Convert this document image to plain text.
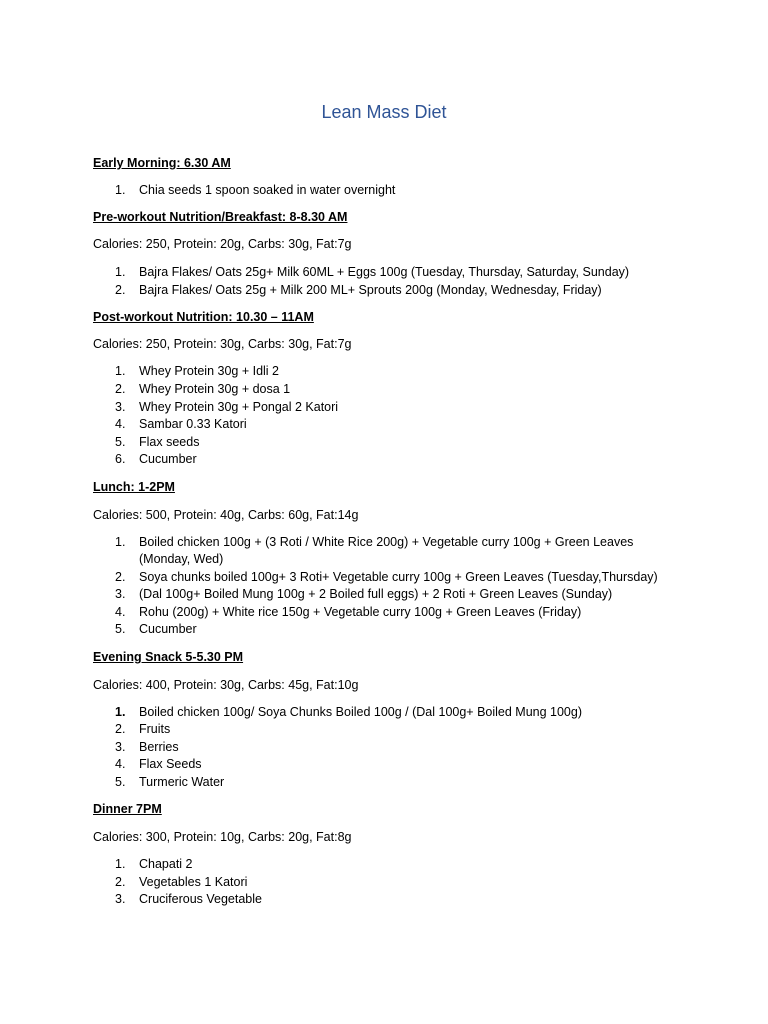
Lean Mass Diet
Early Morning: 6.30 AM
1. Chia seeds 1 spoon soaked in water overnight
Pre-workout Nutrition/Breakfast: 8-8.30 AM
Calories: 250, Protein: 20g, Carbs: 30g, Fat:7g
1. Bajra Flakes/ Oats 25g+ Milk 60ML + Eggs 100g (Tuesday, Thursday, Saturday, Sunday)
2. Bajra Flakes/ Oats 25g + Milk 200 ML+ Sprouts 200g (Monday, Wednesday, Friday)
Post-workout Nutrition: 10.30 – 11AM
Calories: 250, Protein: 30g, Carbs: 30g, Fat:7g
1. Whey Protein 30g + Idli 2
2. Whey Protein 30g + dosa 1
3. Whey Protein 30g + Pongal 2 Katori
4. Sambar 0.33 Katori
5. Flax seeds
6. Cucumber
Lunch: 1-2PM
Calories: 500, Protein: 40g, Carbs: 60g, Fat:14g
1. Boiled chicken 100g + (3 Roti / White Rice 200g) + Vegetable curry 100g + Green Leaves
(Monday, Wed)
2. Soya chunks boiled 100g+ 3 Roti+ Vegetable curry 100g + Green Leaves (Tuesday,Thursday)
3. (Dal 100g+ Boiled Mung 100g + 2 Boiled full eggs) + 2 Roti + Green Leaves (Sunday)
4. Rohu (200g) + White rice 150g + Vegetable curry 100g + Green Leaves (Friday)
5. Cucumber
Evening Snack 5-5.30 PM
Calories: 400, Protein: 30g, Carbs: 45g, Fat:10g
1. Boiled chicken 100g/ Soya Chunks Boiled 100g / (Dal 100g+ Boiled Mung 100g)
2. Fruits
3. Berries
4. Flax Seeds
5. Turmeric Water
Dinner 7PM
Calories: 300, Protein: 10g, Carbs: 20g, Fat:8g
1. Chapati 2
2. Vegetables 1 Katori
3. Cruciferous Vegetable
